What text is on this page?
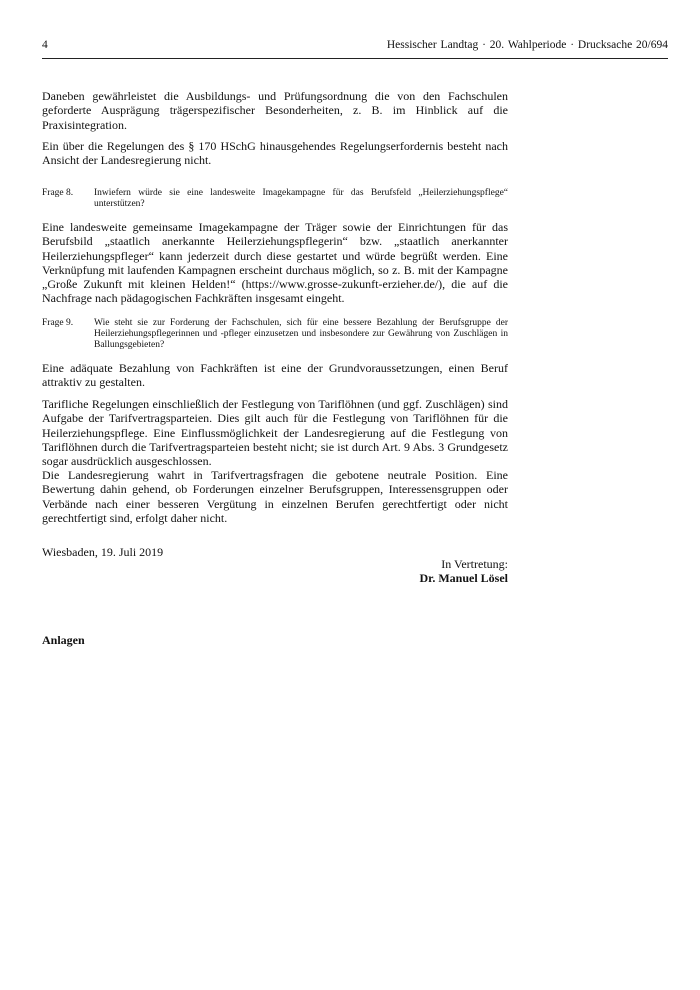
4	Hessischer Landtag · 20. Wahlperiode · Drucksache 20/694

Daneben gewährleistet die Ausbildungs- und Prüfungsordnung die von den Fachschulen geforderte Ausprägung trägerspezifischer Besonderheiten, z. B. im Hinblick auf die Praxisintegration.

Ein über die Regelungen des § 170 HSchG hinausgehendes Regelungserfordernis besteht nach Ansicht der Landesregierung nicht.

Frage 8.	Inwiefern würde sie eine landesweite Imagekampagne für das Berufsfeld „Heilerziehungspflege“ unterstützen?

Eine landesweite gemeinsame Imagekampagne der Träger sowie der Einrichtungen für das Berufsbild „staatlich anerkannte Heilerziehungspflegerin“ bzw. „staatlich anerkannter Heilerziehungspfleger“ kann jederzeit durch diese gestartet und würde begrüßt werden. Eine Verknüpfung mit laufenden Kampagnen erscheint durchaus möglich, so z. B. mit der Kampagne „Große Zukunft mit kleinen Helden!“ (https://www.grosse-zukunft-erzieher.de/), die auf die Nachfrage nach pädagogischen Fachkräften insgesamt eingeht.

Frage 9.	Wie steht sie zur Forderung der Fachschulen, sich für eine bessere Bezahlung der Berufsgruppe der Heilerziehungspflegerinnen und -pfleger einzusetzen und insbesondere zur Gewährung von Zuschlägen in Ballungsgebieten?

Eine adäquate Bezahlung von Fachkräften ist eine der Grundvoraussetzungen, einen Beruf attraktiv zu gestalten.

Tarifliche Regelungen einschließlich der Festlegung von Tariflöhnen (und ggf. Zuschlägen) sind Aufgabe der Tarifvertragsparteien. Dies gilt auch für die Festlegung von Tariflöhnen für die Heilerziehungspflege. Eine Einflussmöglichkeit der Landesregierung auf die Festlegung von Tariflöhnen durch die Tarifvertragsparteien besteht nicht; sie ist durch Art. 9 Abs. 3 Grundgesetz sogar ausdrücklich ausgeschlossen.

Die Landesregierung wahrt in Tarifvertragsfragen die gebotene neutrale Position. Eine Bewertung dahin gehend, ob Forderungen einzelner Berufsgruppen, Interessensgruppen oder Verbände nach einer besseren Vergütung in einzelnen Berufen gerechtfertigt oder nicht gerechtfertigt sind, erfolgt daher nicht.

Wiesbaden, 19. Juli 2019
In Vertretung:
Dr. Manuel Lösel
Anlagen
